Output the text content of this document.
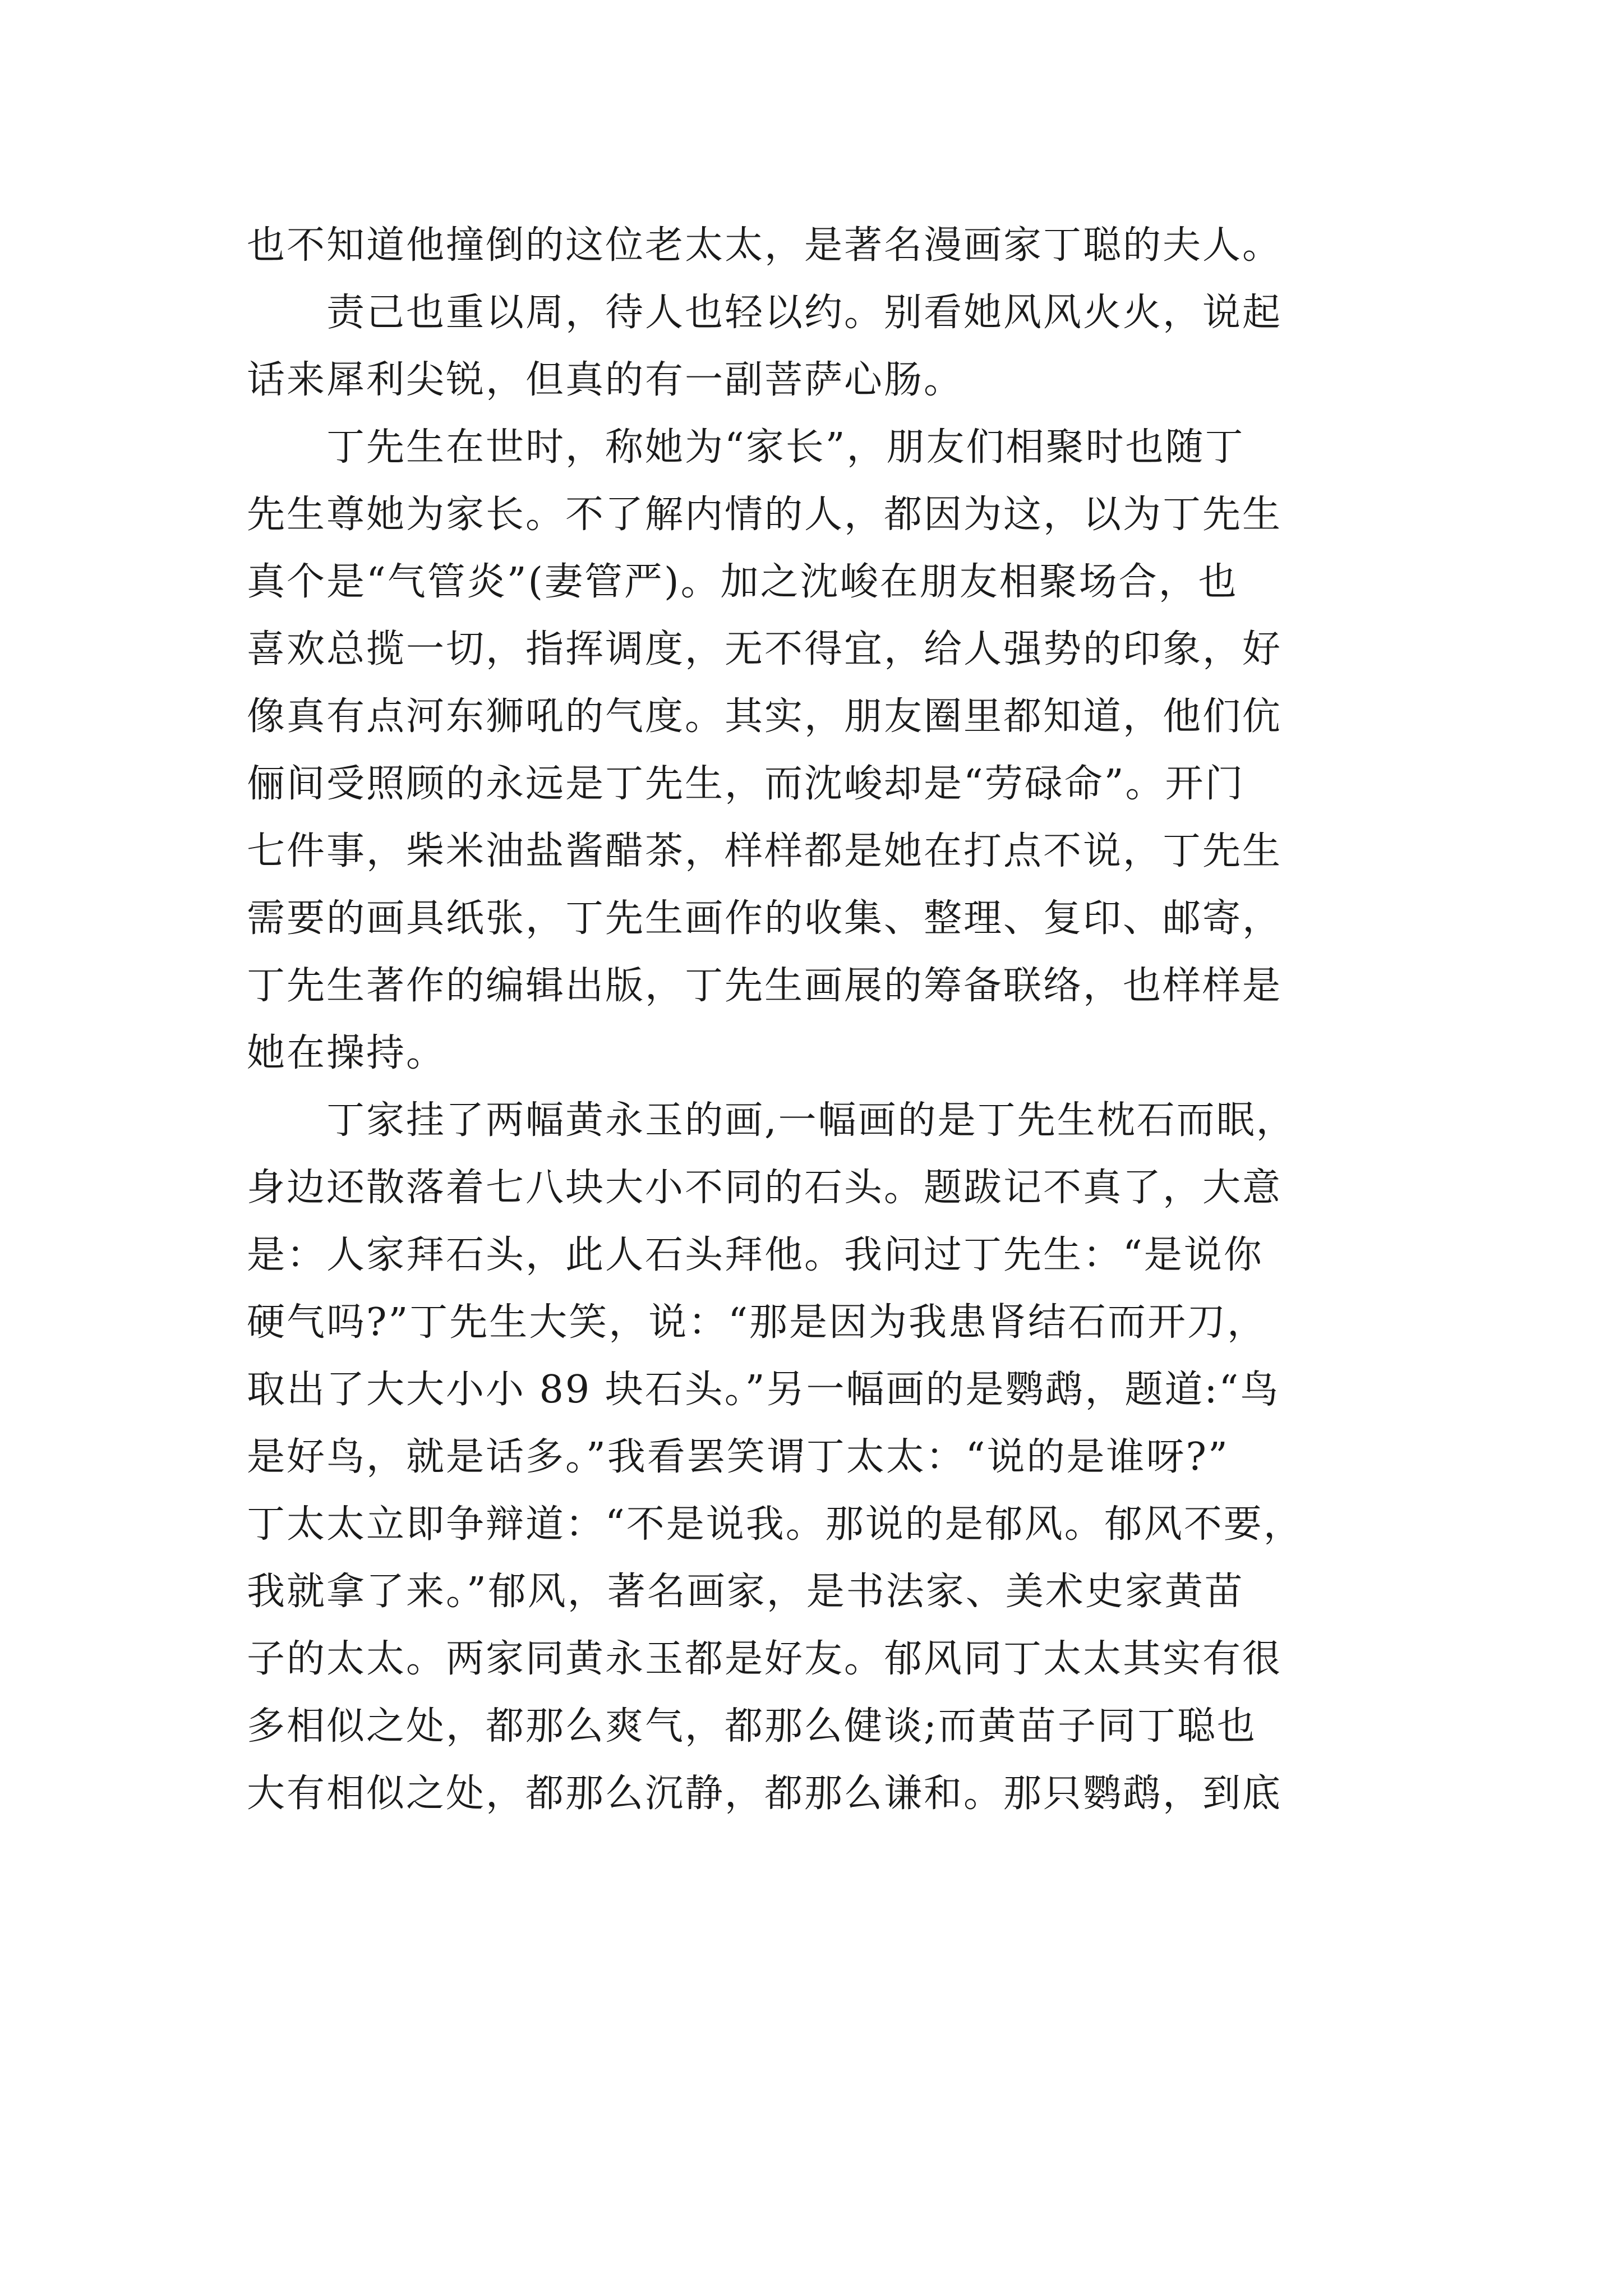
也不知道他撞倒的这位老太太，是著名漫画家丁聪的夫人。
　　责己也重以周，待人也轻以约。别看她风风火火，说起
话来犀利尖锐，但真的有一副菩萨心肠。
　　丁先生在世时，称她为“家长”，朋友们相聚时也随丁
先生尊她为家长。不了解内情的人，都因为这，以为丁先生
真个是“气管炎”(妻管严)。加之沈峻在朋友相聚场合，也
喜欢总揽一切，指挥调度，无不得宜，给人强势的印象，好
像真有点河东狮吼的气度。其实，朋友圈里都知道，他们伉
俪间受照顾的永远是丁先生，而沈峻却是“劳碌命”。开门
七件事，柴米油盐酱醋茶，样样都是她在打点不说，丁先生
需要的画具纸张，丁先生画作的收集、整理、复印、邮寄，
丁先生著作的编辑出版，丁先生画展的筹备联络，也样样是
她在操持。
　　丁家挂了两幅黄永玉的画,一幅画的是丁先生枕石而眠，
身边还散落着七八块大小不同的石头。题跋记不真了，大意
是：人家拜石头，此人石头拜他。我问过丁先生：“是说你
硬气吗?”丁先生大笑，说：“那是因为我患肾结石而开刀，
取出了大大小小 89 块石头。”另一幅画的是鹦鹉，题道:“鸟
是好鸟，就是话多。”我看罢笑谓丁太太：“说的是谁呀?”
丁太太立即争辩道：“不是说我。那说的是郁风。郁风不要，
我就拿了来。”郁风，著名画家，是书法家、美术史家黄苗
子的太太。两家同黄永玉都是好友。郁风同丁太太其实有很
多相似之处，都那么爽气，都那么健谈;而黄苗子同丁聪也
大有相似之处，都那么沉静，都那么谦和。那只鹦鹉，到底
